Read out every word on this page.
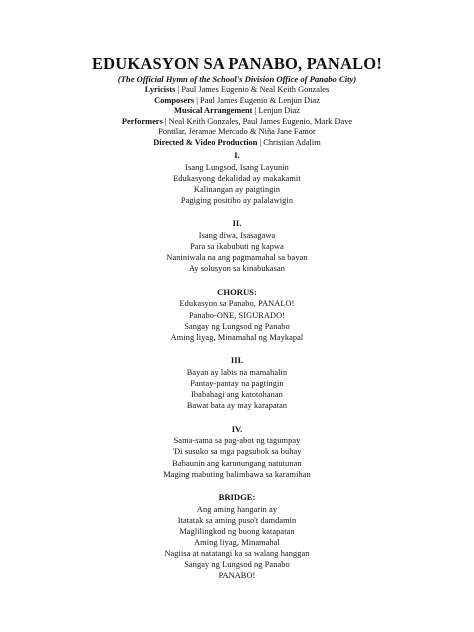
EDUKASYON SA PANABO, PANALO!
(The Official Hymn of the School's Division Office of Panabo City)
Lyricists | Paul James Eugenio & Neal Keith Gonzales
Composers | Paul James Eugenio & Lenjun Diaz
Musical Arrangement | Lenjun Diaz
Performers | Neal Keith Gonzales, Paul James Eugenio, Mark Dave Pontilar, Jeramae Mercado & Niña Jane Famor
Directed & Video Production | Christian Adalim
I.
Isang Lungsod, Isang Layunin
Edukasyong dekalidad ay makakamit
Kalinangan ay paigtingin
Pagiging positibo ay palalawigin
II.
Isang diwa, Isasagawa
Para sa ikabubuti ng kapwa
Naniniwala na ang pagmamahal sa bayan
Ay solusyon sa kinabukasan
CHORUS:
Edukasyon sa Panabo, PANALO!
Panabo-ONE, SIGURADO!
Sangay ng Lungsod ng Panabo
Aming liyag, Minamahal ng Maykapal
III.
Bayan ay labis na mamahalin
Pantay-pantay na pagtingin
Ibabahagi ang katotohanan
Bawat bata ay may karapatan
IV.
Sama-sama sa pag-abot ng tagumpay
'Di susuko sa mga pagsubok sa buhay
Babaunin ang karunungang natutunan
Maging mabuting halimbawa sa karamihan
BRIDGE:
Ang aming hangarin ay
Itatatak sa aming puso't damdamin
Maglilingkod ng buong katapatan
Aming liyag, Minamahal
Nagiisa at natatangi ka sa walang hanggan
Sangay ng Lungsod ng Panabo
PANABO!
